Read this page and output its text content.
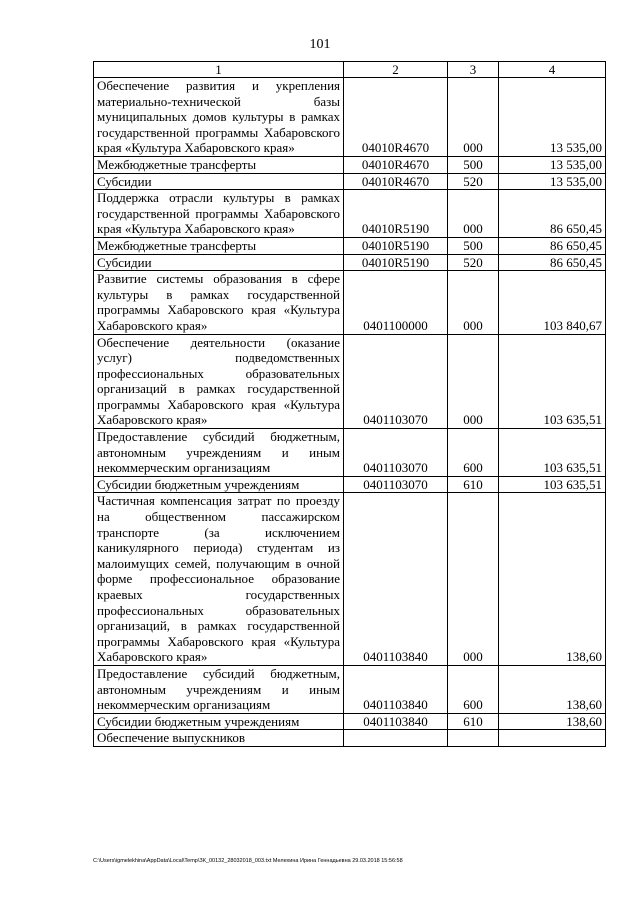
101
1	2	3	4
Обеспечение развития и укрепления материально-технической базы муниципальных домов культуры в рамках государственной программы Хабаровского края «Культура Хабаровского края»	04010R4670	000	13 535,00
Межбюджетные трансферты	04010R4670	500	13 535,00
Субсидии	04010R4670	520	13 535,00
Поддержка отрасли культуры в рамках государственной программы Хабаровского края «Культура Хабаровского края»	04010R5190	000	86 650,45
Межбюджетные трансферты	04010R5190	500	86 650,45
Субсидии	04010R5190	520	86 650,45
Развитие системы образования в сфере культуры в рамках государственной программы Хабаровского края «Культура Хабаровского края»	0401100000	000	103 840,67
Обеспечение деятельности (оказание услуг) подведомственных профессиональных образовательных организаций в рамках государственной программы Хабаровского края «Культура Хабаровского края»	0401103070	000	103 635,51
Предоставление субсидий бюджетным, автономным учреждениям и иным некоммерческим организациям	0401103070	600	103 635,51
Субсидии бюджетным учреждениям	0401103070	610	103 635,51
Частичная компенсация затрат по проезду на общественном пассажирском транспорте (за исключением каникулярного периода) студентам из малоимущих семей, получающим в очной форме профессиональное образование краевых государственных профессиональных образовательных организаций, в рамках государственной программы Хабаровского края «Культура Хабаровского края»	0401103840	000	138,60
Предоставление субсидий бюджетным, автономным учреждениям и иным некоммерческим организациям	0401103840	600	138,60
Субсидии бюджетным учреждениям	0401103840	610	138,60
Обеспечение выпускников			
C:\Users\igmelekhina\AppData\Local\Temp\ЗК_00132_28032018_003.txt Мелехина Ирина Геннадьевна 29.03.2018 15:56:58
